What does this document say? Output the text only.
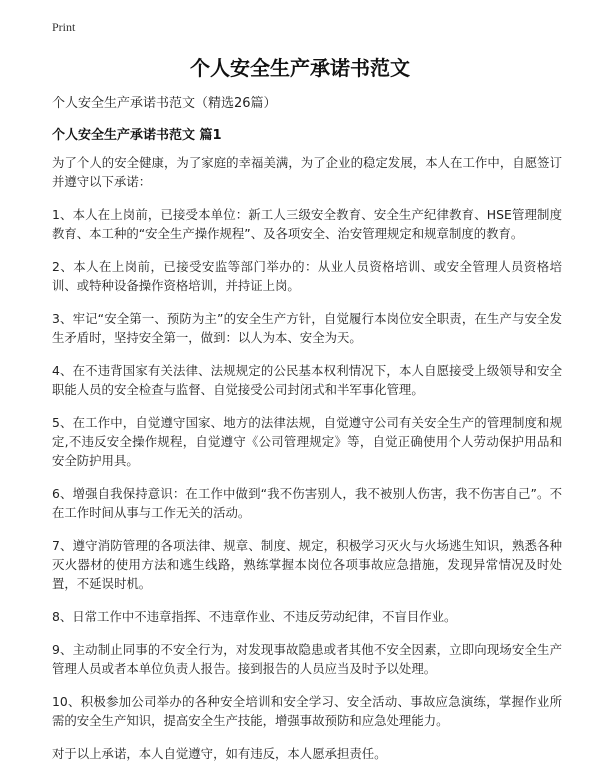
Print
个人安全生产承诺书范文
个人安全生产承诺书范文（精选26篇）
个人安全生产承诺书范文 篇1

为了个人的安全健康，为了家庭的幸福美满，为了企业的稳定发展，本人在工作中，自愿签订并遵守以下承诺：

1、本人在上岗前，已接受本单位：新工人三级安全教育、安全生产纪律教育、HSE管理制度教育、本工种的“安全生产操作规程”、及各项安全、治安管理规定和规章制度的教育。

2、本人在上岗前，已接受安监等部门举办的：从业人员资格培训、或安全管理人员资格培训、或特种设备操作资格培训，并持证上岗。

3、牢记“安全第一、预防为主”的安全生产方针，自觉履行本岗位安全职责，在生产与安全发生矛盾时，坚持安全第一，做到：以人为本、安全为天。

4、在不违背国家有关法律、法规规定的公民基本权利情况下，本人自愿接受上级领导和安全职能人员的安全检查与监督、自觉接受公司封闭式和半军事化管理。

5、在工作中，自觉遵守国家、地方的法律法规，自觉遵守公司有关安全生产的管理制度和规定,不违反安全操作规程，自觉遵守《公司管理规定》等，自觉正确使用个人劳动保护用品和安全防护用具。

6、增强自我保持意识：在工作中做到“我不伤害别人，我不被别人伤害，我不伤害自己”。不在工作时间从事与工作无关的活动。

7、遵守消防管理的各项法律、规章、制度、规定，积极学习灭火与火场逃生知识，熟悉各种灭火器材的使用方法和逃生线路，熟练掌握本岗位各项事故应急措施，发现异常情况及时处置，不延误时机。

8、日常工作中不违章指挥、不违章作业、不违反劳动纪律，不盲目作业。

9、主动制止同事的不安全行为，对发现事故隐患或者其他不安全因素，立即向现场安全生产管理人员或者本单位负责人报告。接到报告的人员应当及时予以处理。

10、积极参加公司举办的各种安全培训和安全学习、安全活动、事故应急演练，掌握作业所需的安全生产知识，提高安全生产技能，增强事故预防和应急处理能力。

对于以上承诺，本人自觉遵守，如有违反，本人愿承担责任。
